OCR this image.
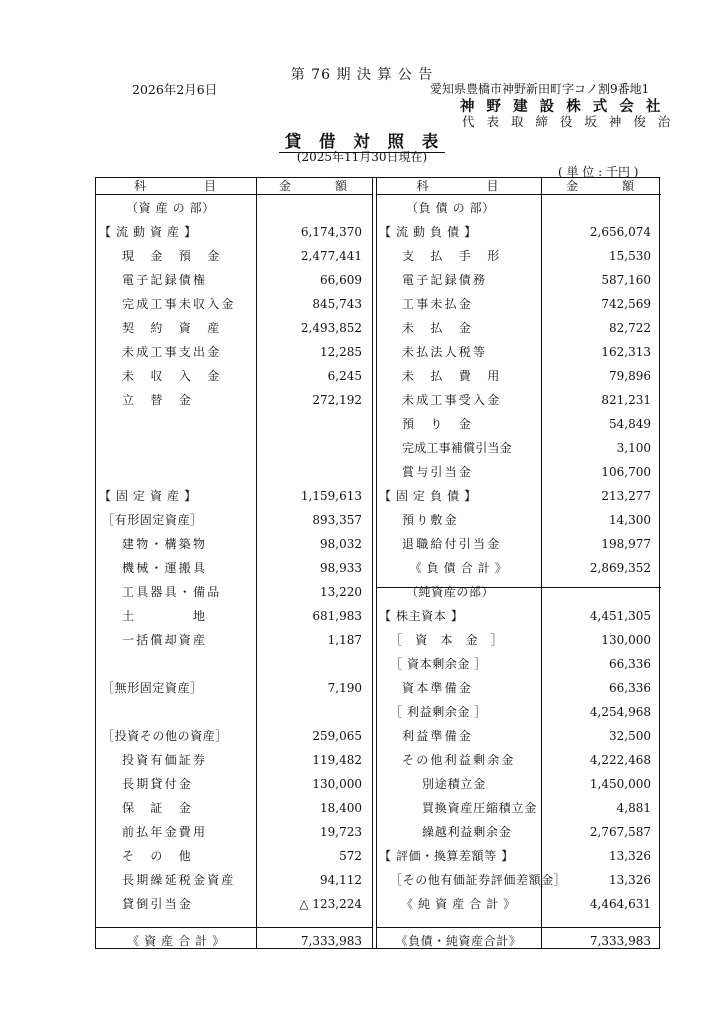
第 76 期 決 算 公 告
2026年2月6日	愛知県豊橋市神野新田町字コノ割9番地1
神 野 建 設 株 式 会 社
代 表 取 締 役 坂 神 俊 治
貸 借 対 照 表
(2025年11月30日現在)
( 単 位 : 千円 )
科　　　　目	金　　　額	科　　　　目	金　　　額
（資 産 の 部）
【 流 動 資 産 】	6,174,370
現　金　預　金	2,477,441
電子記録債権	66,609
完成工事未収入金	845,743
契　約　資　産	2,493,852
未成工事支出金	12,285
未　収　入　金	6,245
立　替　金	272,192
【 固 定 資 産 】	1,159,613
［有形固定資産］	893,357
建物・構築物	98,032
機械・運搬具	98,933
工具器具・備品	13,220
土　　　　地	681,983
一括償却資産	1,187
［無形固定資産］	7,190
［投資その他の資産］	259,065
投資有価証券	119,482
長期貸付金	130,000
保　証　金	18,400
前払年金費用	19,723
そ　の　他	572
長期繰延税金資産	94,112
貸倒引当金	△ 123,224
《 資 産 合 計 》	7,333,983
（負 債 の 部）
【 流 動 負 債 】	2,656,074
支　払　手　形	15,530
電子記録債務	587,160
工事未払金	742,569
未　払　金	82,722
未払法人税等	162,313
未　払　費　用	79,896
未成工事受入金	821,231
預　り　金	54,849
完成工事補償引当金	3,100
賞与引当金	106,700
【 固 定 負 債 】	213,277
預り敷金	14,300
退職給付引当金	198,977
《 負 債 合 計 》	2,869,352
（純資産の部）
【 株主資本 】	4,451,305
［　資　本　金　］	130,000
［ 資本剰余金 ］	66,336
資本準備金	66,336
［ 利益剰余金 ］	4,254,968
利益準備金	32,500
その他利益剰余金	4,222,468
別途積立金	1,450,000
買換資産圧縮積立金	4,881
繰越利益剰余金	2,767,587
【 評価・換算差額等 】	13,326
［その他有価証券評価差額金］	13,326
《 純 資 産 合 計 》	4,464,631
《負債・純資産合計》	7,333,983
